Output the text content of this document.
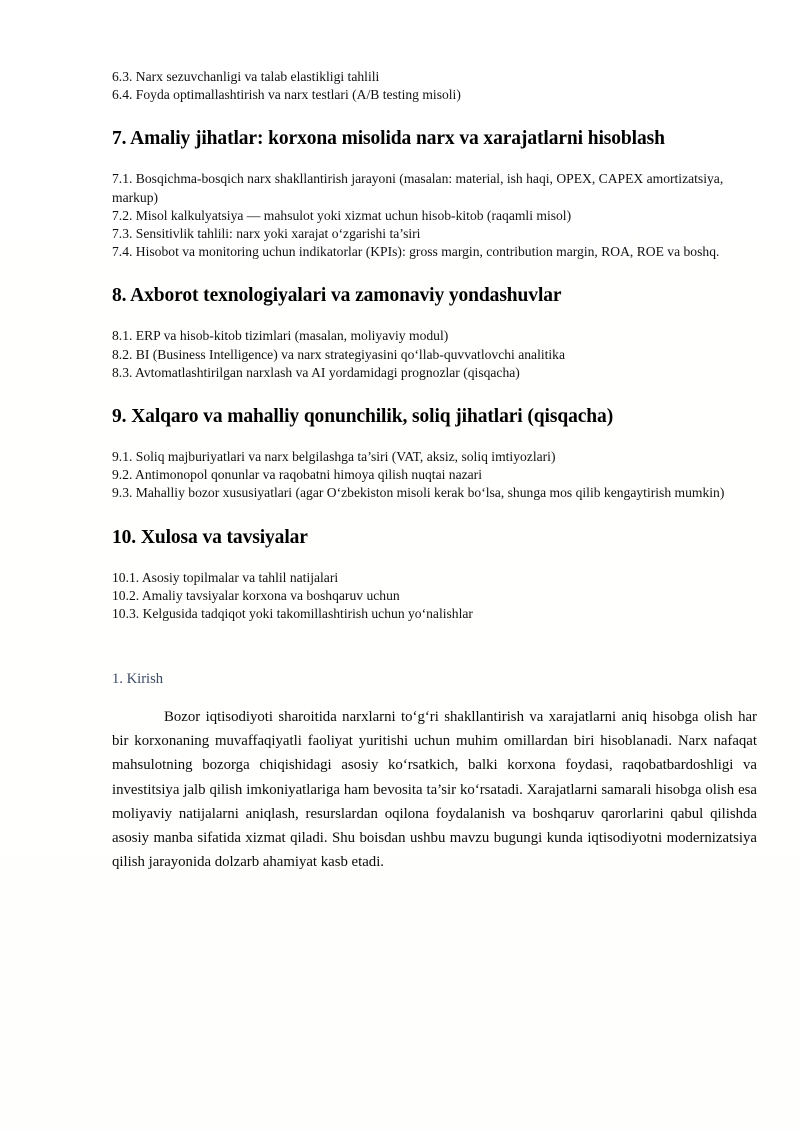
6.3. Narx sezuvchanligi va talab elastikligi tahlili
6.4. Foyda optimallashtirish va narx testlari (A/B testing misoli)
7. Amaliy jihatlar: korxona misolida narx va xarajatlarni hisoblash
7.1. Bosqichma-bosqich narx shakllantirish jarayoni (masalan: material, ish haqi, OPEX, CAPEX amortizatsiya, markup)
7.2. Misol kalkulyatsiya — mahsulot yoki xizmat uchun hisob-kitob (raqamli misol)
7.3. Sensitivlik tahlili: narx yoki xarajat o‘zgarishi ta’siri
7.4. Hisobot va monitoring uchun indikatorlar (KPIs): gross margin, contribution margin, ROA, ROE va boshq.
8. Axborot texnologiyalari va zamonaviy yondashuvlar
8.1. ERP va hisob-kitob tizimlari (masalan, moliyaviy modul)
8.2. BI (Business Intelligence) va narx strategiyasini qo‘llab-quvvatlovchi analitika
8.3. Avtomatlashtirilgan narxlash va AI yordamidagi prognozlar (qisqacha)
9. Xalqaro va mahalliy qonunchilik, soliq jihatlari (qisqacha)
9.1. Soliq majburiyatlari va narx belgilashga ta’siri (VAT, aksiz, soliq imtiyozlari)
9.2. Antimonopol qonunlar va raqobatni himoya qilish nuqtai nazari
9.3. Mahalliy bozor xususiyatlari (agar O‘zbekiston misoli kerak bo‘lsa, shunga mos qilib kengaytirish mumkin)
10. Xulosa va tavsiyalar
10.1. Asosiy topilmalar va tahlil natijalari
10.2. Amaliy tavsiyalar korxona va boshqaruv uchun
10.3. Kelgusida tadqiqot yoki takomillashtirish uchun yo‘nalishlar
1. Kirish

Bozor iqtisodiyoti sharoitida narxlarni to‘g‘ri shakllantirish va xarajatlarni aniq hisobga olish har bir korxonaning muvaffaqiyatli faoliyat yuritishi uchun muhim omillardan biri hisoblanadi. Narx nafaqat mahsulotning bozorga chiqishidagi asosiy ko‘rsatkich, balki korxona foydasi, raqobatbardoshligi va investitsiya jalb qilish imkoniyatlariga ham bevosita ta’sir ko‘rsatadi. Xarajatlarni samarali hisobga olish esa moliyaviy natijalarni aniqlash, resurslardan oqilona foydalanish va boshqaruv qarorlarini qabul qilishda asosiy manba sifatida xizmat qiladi. Shu boisdan ushbu mavzu bugungi kunda iqtisodiyotni modernizatsiya qilish jarayonida dolzarb ahamiyat kasb etadi.
